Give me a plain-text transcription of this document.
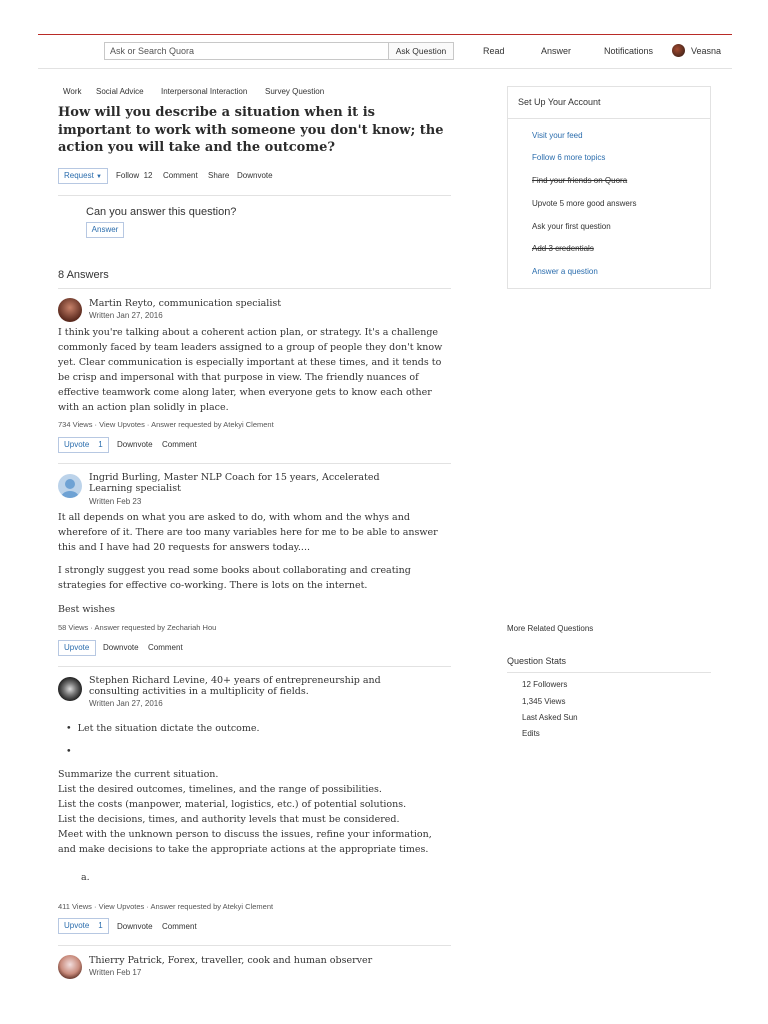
Ask or Search Quora	Ask Question	Read	Answer	Notifications	Veasna
Work Social Advice Interpersonal Interaction Survey Question
How will you describe a situation when it is important to work with someone you don't know; the action you will take and the outcome?
Request ▼	Follow 12 Comment Share Downvote
Can you answer this question?
Answer
8 Answers
Martin Reyto, communication specialist
Written Jan 27, 2016
I think you're talking about a coherent action plan, or strategy. It's a challenge commonly faced by team leaders assigned to a group of people they don't know yet. Clear communication is especially important at these times, and it tends to be crisp and impersonal with that purpose in view. The friendly nuances of effective teamwork come along later, when everyone gets to know each other with an action plan solidly in place.
734 Views · View Upvotes · Answer requested by Atekyi Clement
Upvote 1	Downvote Comment
Ingrid Burling, Master NLP Coach for 15 years, Accelerated Learning specialist
Written Feb 23
It all depends on what you are asked to do, with whom and the whys and wherefore of it. There are too many variables here for me to be able to answer this and I have had 20 requests for answers today....
I strongly suggest you read some books about collaborating and creating strategies for effective co-working. There is lots on the internet.
Best wishes
58 Views · Answer requested by Zechariah Hou
Upvote	Downvote Comment
Stephen Richard Levine, 40+ years of entrepreneurship and consulting activities in a multiplicity of fields.
Written Jan 27, 2016
• Let the situation dictate the outcome.
•
Summarize the current situation.
List the desired outcomes, timelines, and the range of possibilities.
List the costs (manpower, material, logistics, etc.) of potential solutions.
List the decisions, times, and authority levels that must be considered.
Meet with the unknown person to discuss the issues, refine your information, and make decisions to take the appropriate actions at the appropriate times.
a.
411 Views · View Upvotes · Answer requested by Atekyi Clement
Upvote 1	Downvote Comment
Thierry Patrick, Forex, traveller, cook and human observer
Written Feb 17
Set Up Your Account
Visit your feed
Follow 6 more topics
Find your friends on Quora
Upvote 5 more good answers
Ask your first question
Add 3 credentials
Answer a question
More Related Questions
Question Stats
12 Followers
1,345 Views
Last Asked Sun
Edits
